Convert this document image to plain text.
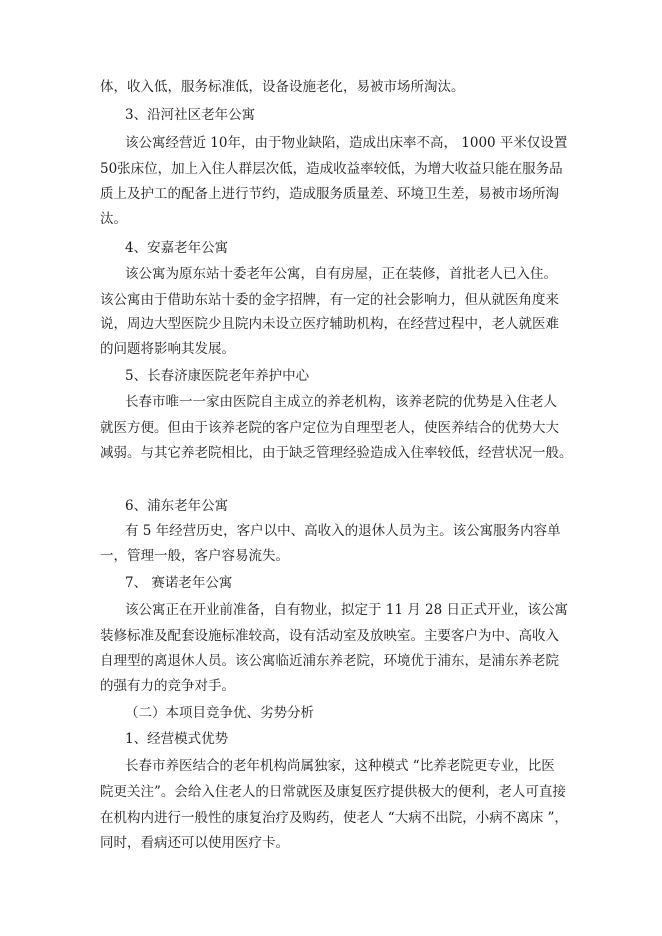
体，收入低，服务标准低，设备设施老化，易被市场所淘汰。
3、沿河社区老年公寓
该公寓经营近 10年，由于物业缺陷，造成出床率不高， 1000 平米仅设置
50张床位，加上入住人群层次低，造成收益率较低，为增大收益只能在服务品
质上及护工的配备上进行节约，造成服务质量差、环境卫生差，易被市场所淘
汰。
4、安嘉老年公寓
该公寓为原东站十委老年公寓，自有房屋，正在装修，首批老人已入住。
该公寓由于借助东站十委的金字招牌，有一定的社会影响力，但从就医角度来
说，周边大型医院少且院内未设立医疗辅助机构，在经营过程中，老人就医难
的问题将影响其发展。
5、长春济康医院老年养护中心
长春市唯一一家由医院自主成立的养老机构，该养老院的优势是入住老人
就医方便。但由于该养老院的客户定位为自理型老人，使医养结合的优势大大
减弱。与其它养老院相比，由于缺乏管理经验造成入住率较低，经营状况一般。
6、浦东老年公寓
有 5 年经营历史，客户以中、高收入的退休人员为主。该公寓服务内容单
一，管理一般，客户容易流失。
7、 赛诺老年公寓
该公寓正在开业前准备，自有物业，拟定于 11 月 28 日正式开业，该公寓
装修标准及配套设施标准较高，设有活动室及放映室。主要客户为中、高收入
自理型的离退休人员。该公寓临近浦东养老院，环境优于浦东，是浦东养老院
的强有力的竞争对手。
（二）本项目竞争优、劣势分析
1、经营模式优势
长春市养医结合的老年机构尚属独家，这种模式 “比养老院更专业，比医
院更关注”。会给入住老人的日常就医及康复医疗提供极大的便利，老人可直接
在机构内进行一般性的康复治疗及购药，使老人 “大病不出院，小病不离床 ”，
同时，看病还可以使用医疗卡。
